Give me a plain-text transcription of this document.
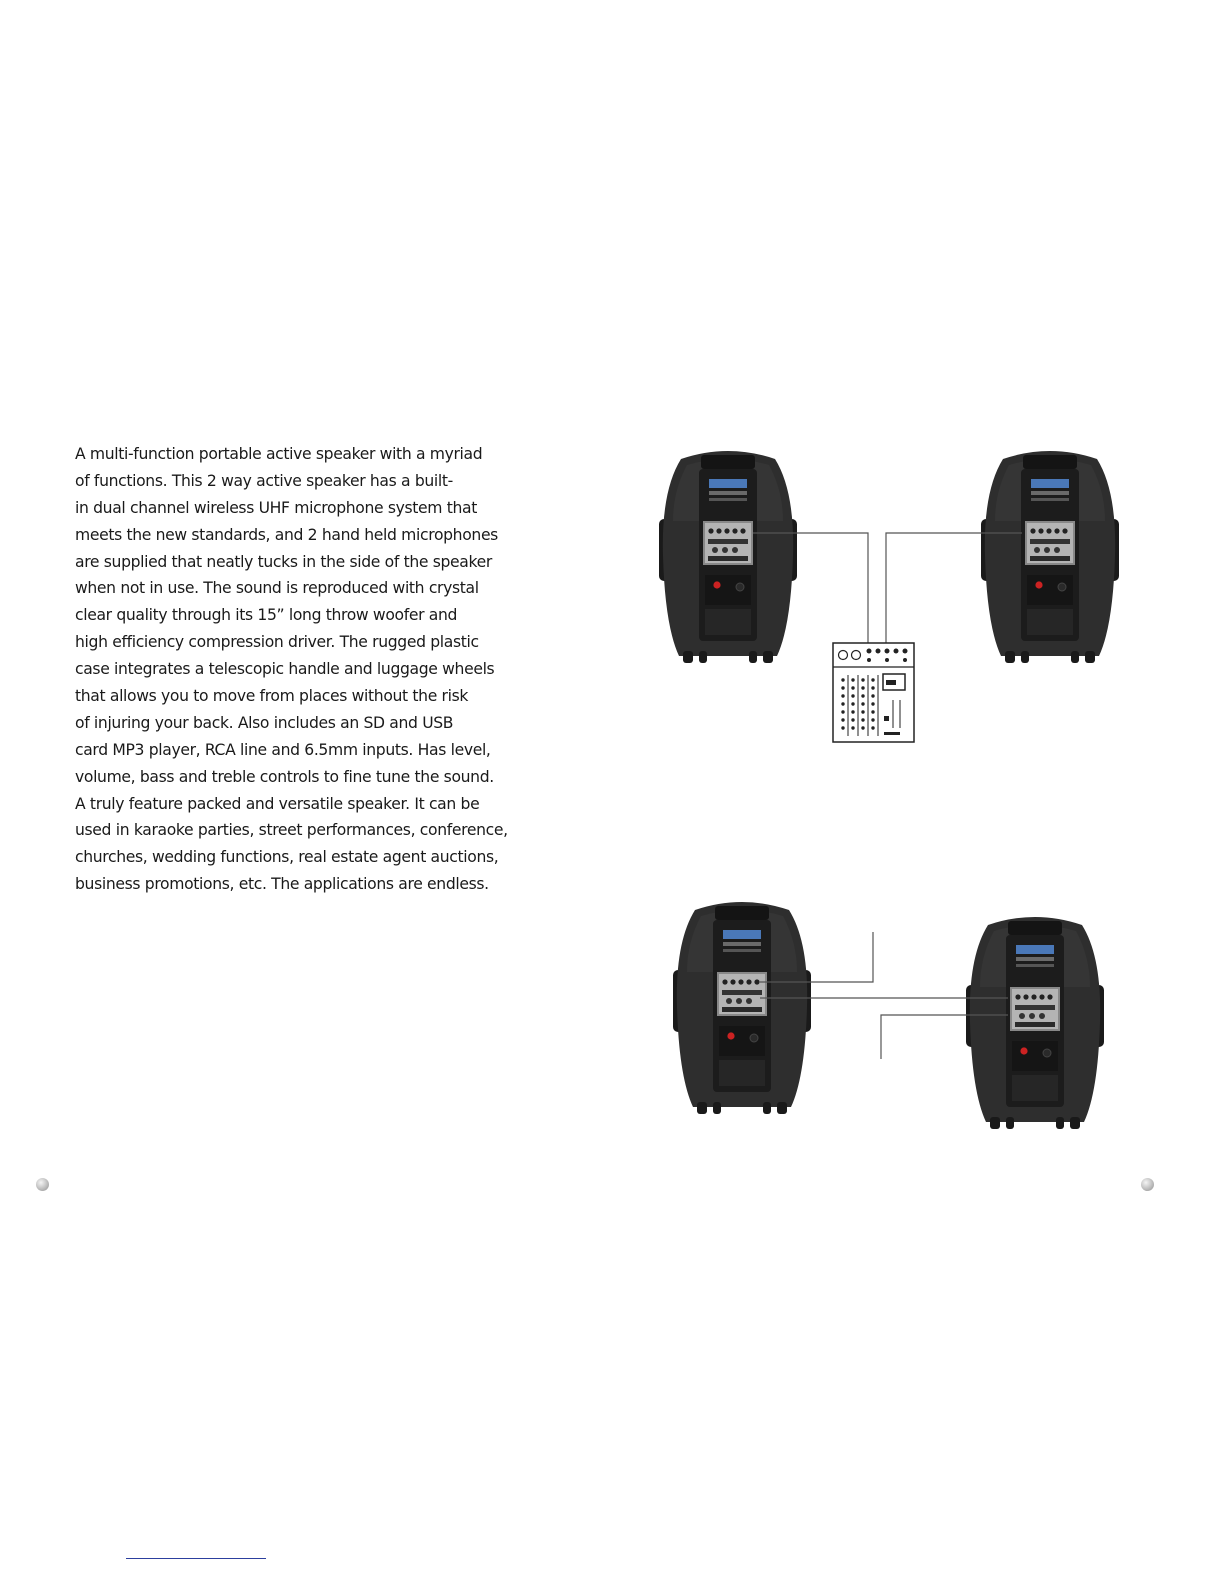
A multi-function portable active speaker with a myriad
of functions. This 2 way active speaker has a built-
in dual channel wireless UHF microphone system that
meets the new standards, and 2 hand held microphones
are supplied that neatly tucks in the side of the speaker
when not in use. The sound is reproduced with crystal
clear quality through its 15” long throw woofer and
high efficiency compression driver. The rugged plastic
case integrates a telescopic handle and luggage wheels
that allows you to move from places without the risk
of injuring your back. Also includes an SD and USB
card MP3 player, RCA line and 6.5mm inputs. Has level,
volume, bass and treble controls to fine tune the sound.
A truly feature packed and versatile speaker. It can be
used in karaoke parties, street performances, conference,
churches, wedding functions, real estate agent auctions,
business promotions, etc. The applications are endless.
